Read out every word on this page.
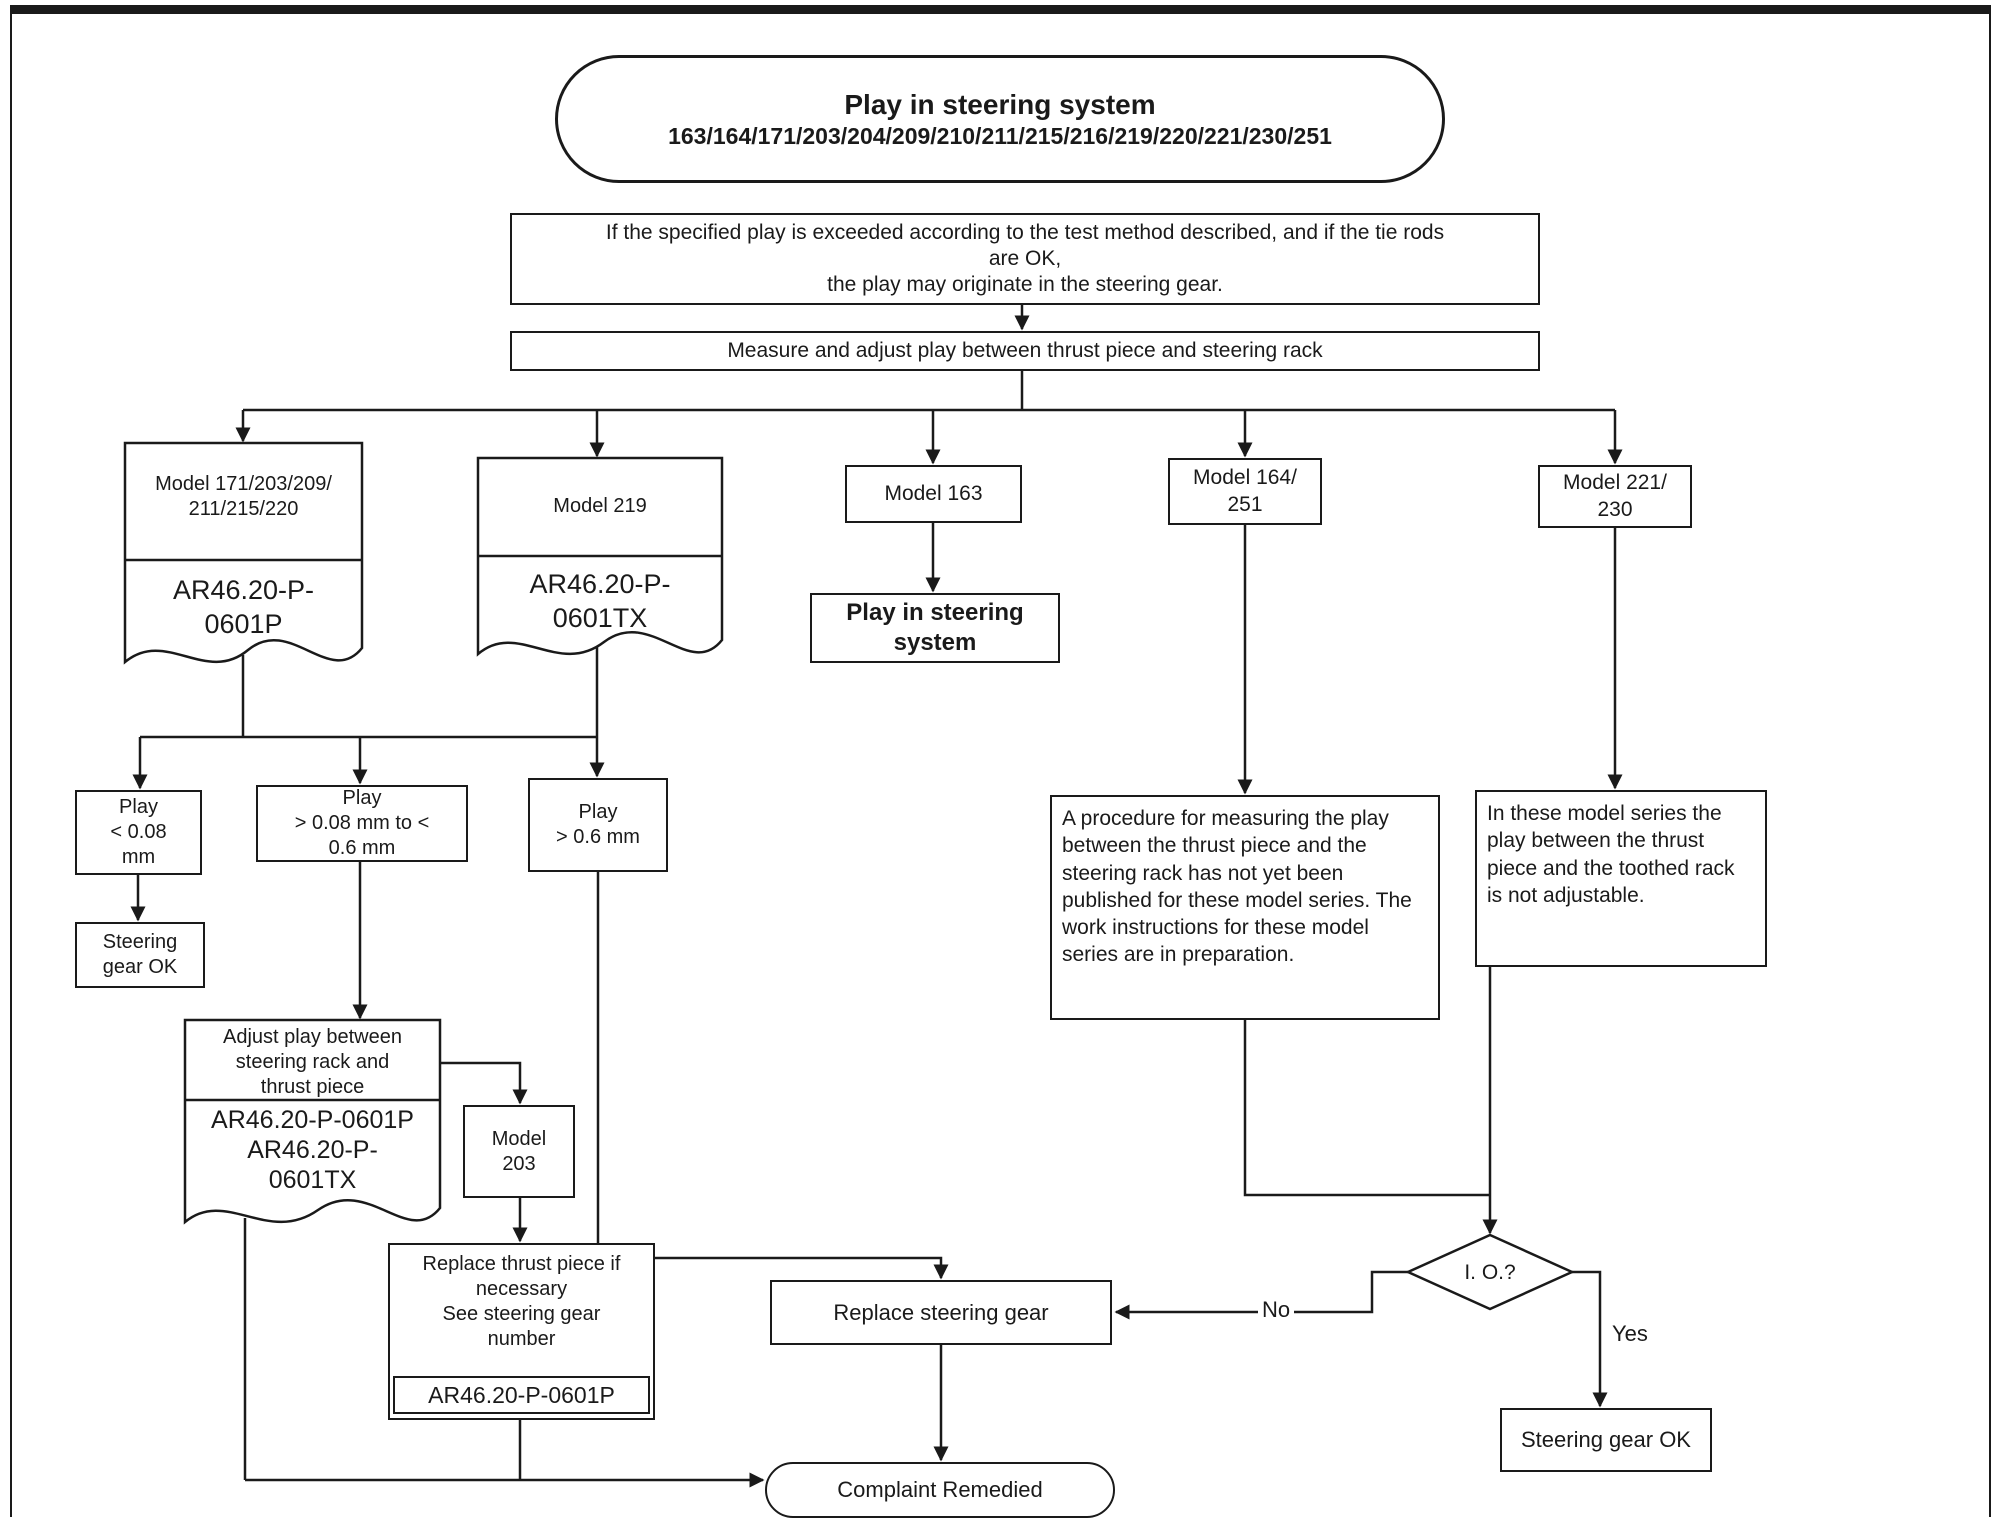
Play in steering system
163/164/171/203/204/209/210/211/215/216/219/220/221/230/251
If the specified play is exceeded according to the test method described, and if the tie rods
are OK,
the play may originate in the steering gear.
Measure and adjust play between thrust piece and steering rack
Model 171/203/209/
211/215/220
AR46.20-P-
0601P
Model 219
AR46.20-P-
0601TX
Model 163
Play in steering
system
Model 164/
251
Model 221/
230
Play
< 0.08
mm
Play
> 0.08 mm to <
0.6 mm
Play
> 0.6 mm
Steering
gear OK
Adjust play between
steering rack and
thrust piece
AR46.20-P-0601P
AR46.20-P-
0601TX
Model
203
Replace thrust piece if
necessary
See steering gear
number
AR46.20-P-0601P
A procedure for measuring the play between the thrust piece and the steering rack has not yet been published for these model series. The work instructions for these model series are in preparation.
In these model series the play between the thrust piece and the toothed rack is not adjustable.
Replace steering gear
I. O.?
No
Yes
Steering gear OK
Complaint Remedied
